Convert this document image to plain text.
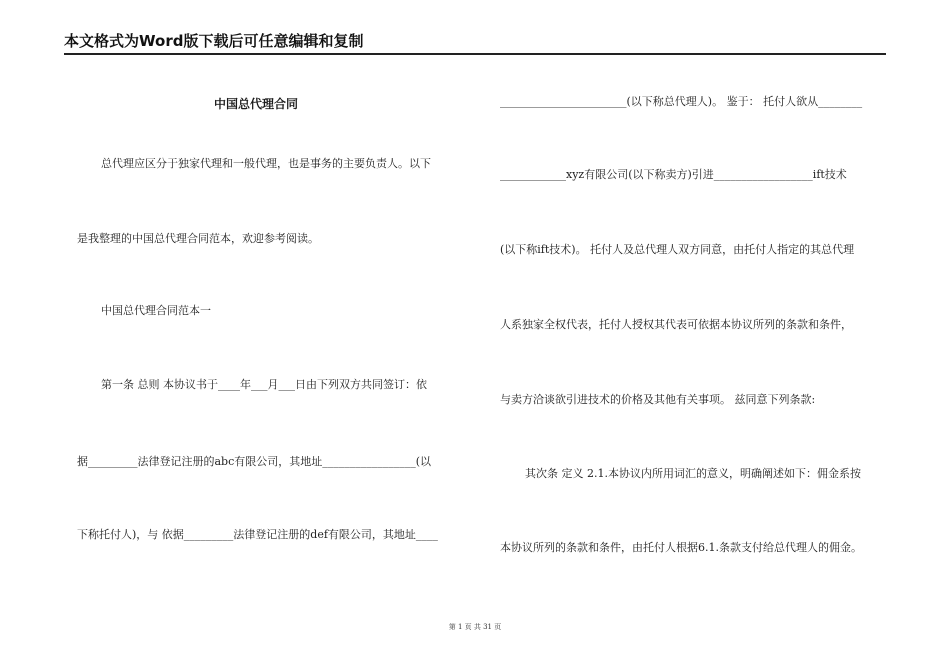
本文格式为Word版下载后可任意编辑和复制
中国总代理合同
总代理应区分于独家代理和一般代理，也是事务的主要负责人。以下
是我整理的中国总代理合同范本，欢迎参考阅读。
中国总代理合同范本一
第一条 总则 本协议书于____年___月___日由下列双方共同签订：依
据_________法律登记注册的abc有限公司，其地址_________________(以
下称托付人)，与 依据_________法律登记注册的def有限公司，其地址____
_______________________(以下称总代理人)。 鉴于： 托付人欲从________
____________xyz有限公司(以下称卖方)引进__________________ift技术
(以下称ift技术)。 托付人及总代理人双方同意，由托付人指定的其总代理
人系独家全权代表，托付人授权其代表可依据本协议所列的条款和条件，
与卖方洽谈欲引进技术的价格及其他有关事项。 兹同意下列条款:
其次条 定义 2.1.本协议内所用词汇的意义，明确阐述如下：佣金系按
本协议所列的条款和条件，由托付人根据6.1.条款支付给总代理人的佣金。
第 1 页 共 31 页
